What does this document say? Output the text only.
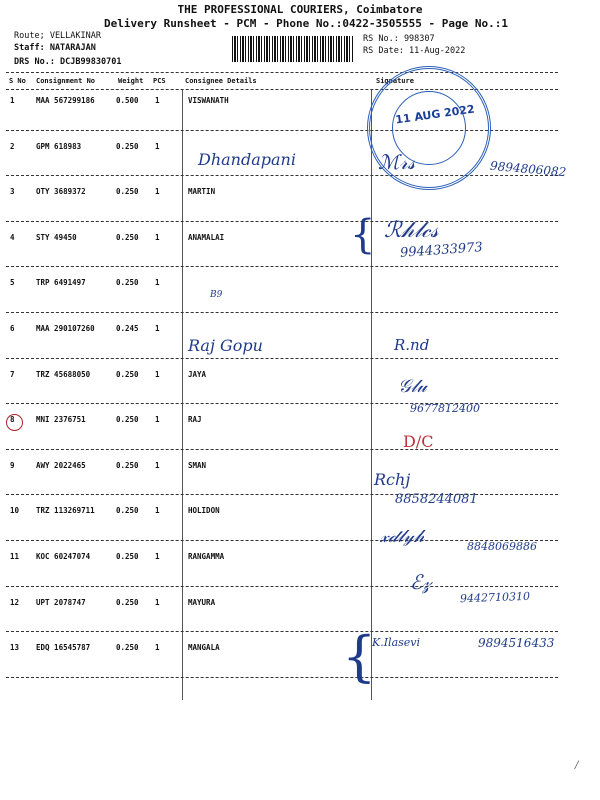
THE PROFESSIONAL COURIERS, Coimbatore
Delivery Runsheet - PCM - Phone No.:0422-3505555 - Page No.:1
Route; VELLAKINAR
Staff: NATARAJAN
DRS No.: DCJB99830701
RS No.: 998307
RS Date: 11-Aug-2022
S No Consignment No	Weight PCS	Consignee Details	Signature
1	MAA 567299186	0.500 1	VISWANATH
2	GPM 618983	0.250 1
3	OTY 3689372	0.250 1	MARTIN
4	STY 49450	0.250 1	ANAMALAI
5	TRP 6491497	0.250 1
6	MAA 290107260	0.245 1
7	TRZ 45688050	0.250 1	JAYA
8	MNI 2376751	0.250 1	RAJ
9	AWY 2022465	0.250 1	SMAN
10 TRZ 113269711	0.250 1	HOLIDON
11 KOC 60247074	0.250 1	RANGAMMA
12 UPT 2078747	0.250 1	MAYURA
13 EDQ 16545787	0.250 1	MANGALA
11 AUG 2022
Dhandapani	ℳ𝓇𝓈	9894806082
{ ℛ𝒽𝓁𝒸𝓈
9944333973
B9
Raj Gopu	R.nd
𝒢𝓁𝓊
9677812400
D/C
Rchj
8858244081
𝓍𝒹𝓁𝓎𝒽	8848069886
ℰ𝓏
9442710310
{
K.Ilasevi	9894516433
/
